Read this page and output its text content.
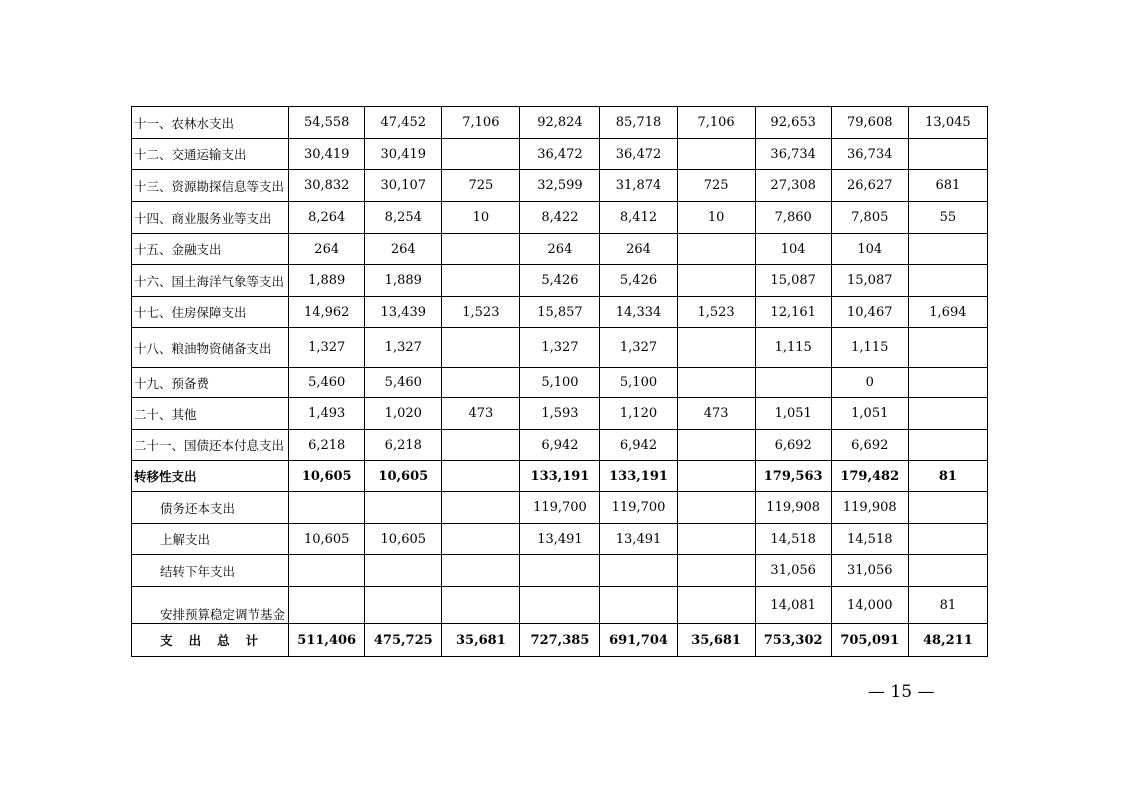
十一、农林水支出	54,558	47,452	7,106	92,824	85,718	7,106	92,653	79,608	13,045
十二、交通运输支出	30,419	30,419		36,472	36,472		36,734	36,734	
十三、资源勘探信息等支出	30,832	30,107	725	32,599	31,874	725	27,308	26,627	681
十四、商业服务业等支出	8,264	8,254	10	8,422	8,412	10	7,860	7,805	55
十五、金融支出	264	264		264	264		104	104	
十六、国土海洋气象等支出	1,889	1,889		5,426	5,426		15,087	15,087	
十七、住房保障支出	14,962	13,439	1,523	15,857	14,334	1,523	12,161	10,467	1,694
十八、粮油物资储备支出	1,327	1,327		1,327	1,327		1,115	1,115	
十九、预备费	5,460	5,460		5,100	5,100			0	
二十、其他	1,493	1,020	473	1,593	1,120	473	1,051	1,051	
二十一、国债还本付息支出	6,218	6,218		6,942	6,942		6,692	6,692	
转移性支出	10,605	10,605		133,191	133,191		179,563	179,482	81
债务还本支出				119,700	119,700		119,908	119,908	
上解支出	10,605	10,605		13,491	13,491		14,518	14,518	
结转下年支出							31,056	31,056	
安排预算稳定调节基金							14,081	14,000	81
支出总计	511,406	475,725	35,681	727,385	691,704	35,681	753,302	705,091	48,211
— 15 —
